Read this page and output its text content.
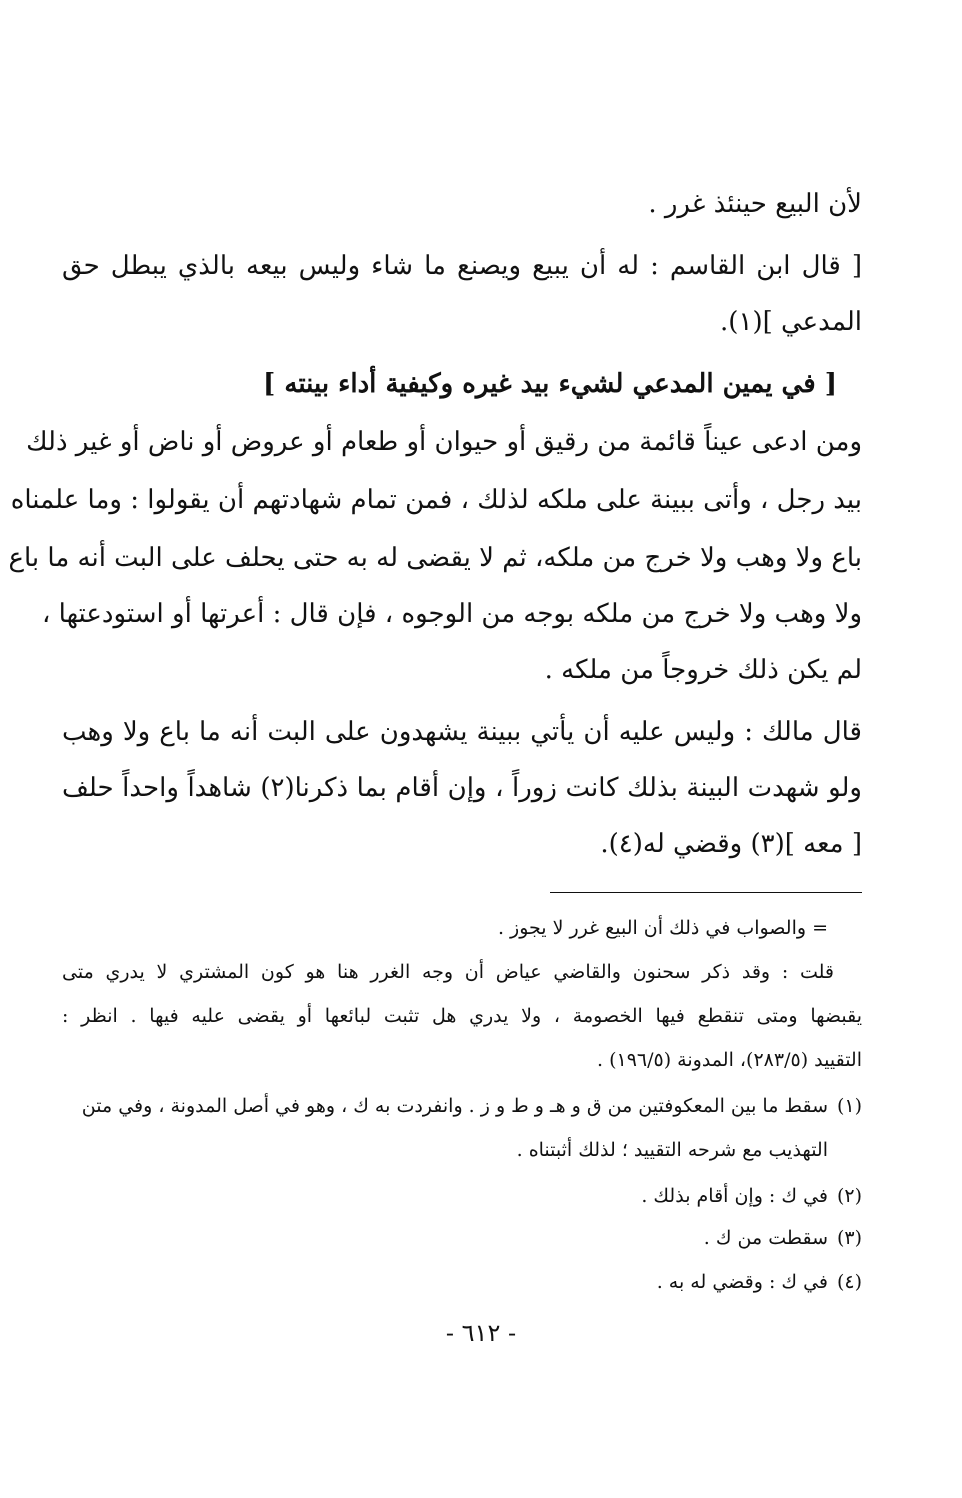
لأن البيع حينئذ غرر .
[ قال ابن القاسم : له أن يبيع ويصنع ما شاء وليس بيعه بالذي يبطل حق
المدعي ](١).
[ في يمين المدعي لشيء بيد غيره وكيفية أداء بينته ]
ومن ادعى عيناً قائمة من رقيق أو حيوان أو طعام أو عروض أو ناض أو غير ذلك
بيد رجل ، وأتى ببينة على ملكه لذلك ، فمن تمام شهادتهم أن يقولوا : وما علمناه
باع ولا وهب ولا خرج من ملكه، ثم لا يقضى له به حتى يحلف على البت أنه ما باع
ولا وهب ولا خرج من ملكه بوجه من الوجوه ، فإن قال : أعرتها أو استودعتها ،
لم يكن ذلك خروجاً من ملكه .
قال مالك : وليس عليه أن يأتي ببينة يشهدون على البت أنه ما باع ولا وهب
ولو شهدت البينة بذلك كانت زوراً ، وإن أقام بما ذكرنا(٢) شاهداً واحداً حلف
[ معه ](٣) وقضي له(٤).
= والصواب في ذلك أن البيع غرر لا يجوز .
قلت : وقد ذكر سحنون والقاضي عياض أن وجه الغرر هنا هو كون المشتري لا يدري متى
يقبضها ومتى تنقطع فيها الخصومة ، ولا يدري هل تثبت لبائعها أو يقضى عليه فيها . انظر :
التقييد (٢٨٣/٥)، المدونة (١٩٦/٥) .
(١)سقط ما بين المعكوفتين من ق و هـ و ط و ز . وانفردت به ك ، وهو في أصل المدونة ، وفي متن
التهذيب مع شرحه التقييد ؛ لذلك أثبتناه .
(٢)في ك : وإن أقام بذلك .
(٣)سقطت من ك .
(٤)في ك : وقضي له به .
- ٦١٢ -
